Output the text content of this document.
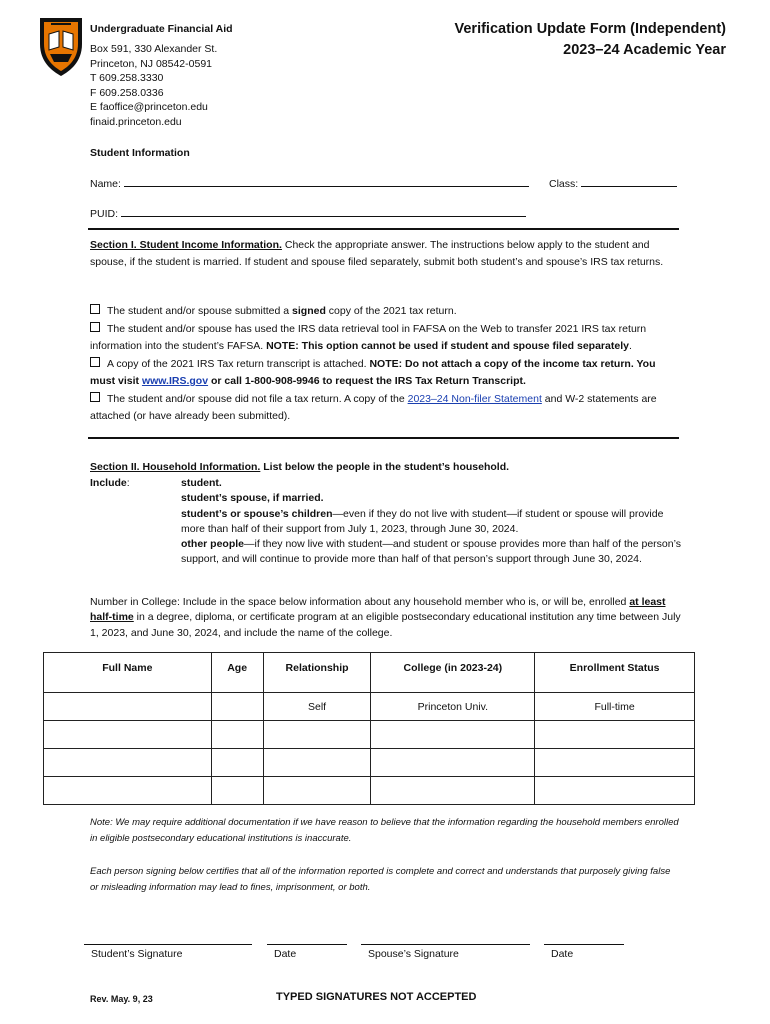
Undergraduate Financial Aid
Box 591, 330 Alexander St.
Princeton, NJ 08542-0591
T 609.258.3330
F 609.258.0336
E faoffice@princeton.edu
finaid.princeton.edu
Verification Update Form (Independent)
2023–24 Academic Year
Student Information
Name:	Class:
PUID:
Section I. Student Income Information. Check the appropriate answer. The instructions below apply to the student and spouse, if the student is married. If student and spouse filed separately, submit both student’s and spouse’s IRS tax returns.
The student and/or spouse submitted a signed copy of the 2021 tax return.
The student and/or spouse has used the IRS data retrieval tool in FAFSA on the Web to transfer 2021 IRS tax return information into the student’s FAFSA. NOTE: This option cannot be used if student and spouse filed separately.
A copy of the 2021 IRS Tax return transcript is attached. NOTE: Do not attach a copy of the income tax return. You must visit www.IRS.gov or call 1-800-908-9946 to request the IRS Tax Return Transcript.
The student and/or spouse did not file a tax return. A copy of the 2023–24 Non-filer Statement and W-2 statements are attached (or have already been submitted).
Section II. Household Information. List below the people in the student’s household.
Include:	student.
student’s spouse, if married.
student’s or spouse’s children—even if they do not live with student—if student or spouse will provide more than half of their support from July 1, 2023, through June 30, 2024.
other people—if they now live with student—and student or spouse provides more than half of the person’s support, and will continue to provide more than half of that person’s support through June 30, 2024.
Number in College: Include in the space below information about any household member who is, or will be, enrolled at least half-time in a degree, diploma, or certificate program at an eligible postsecondary educational institution any time between July 1, 2023, and June 30, 2024, and include the name of the college.
Full Name	Age	Relationship	College (in 2023-24)	Enrollment Status
		Self	Princeton Univ.	Full-time

Note: We may require additional documentation if we have reason to believe that the information regarding the household members enrolled in eligible postsecondary educational institutions is inaccurate.
Each person signing below certifies that all of the information reported is complete and correct and understands that purposely giving false or misleading information may lead to fines, imprisonment, or both.
Student’s Signature	Date	Spouse’s Signature	Date
Rev. May. 9, 23	TYPED SIGNATURES NOT ACCEPTED
